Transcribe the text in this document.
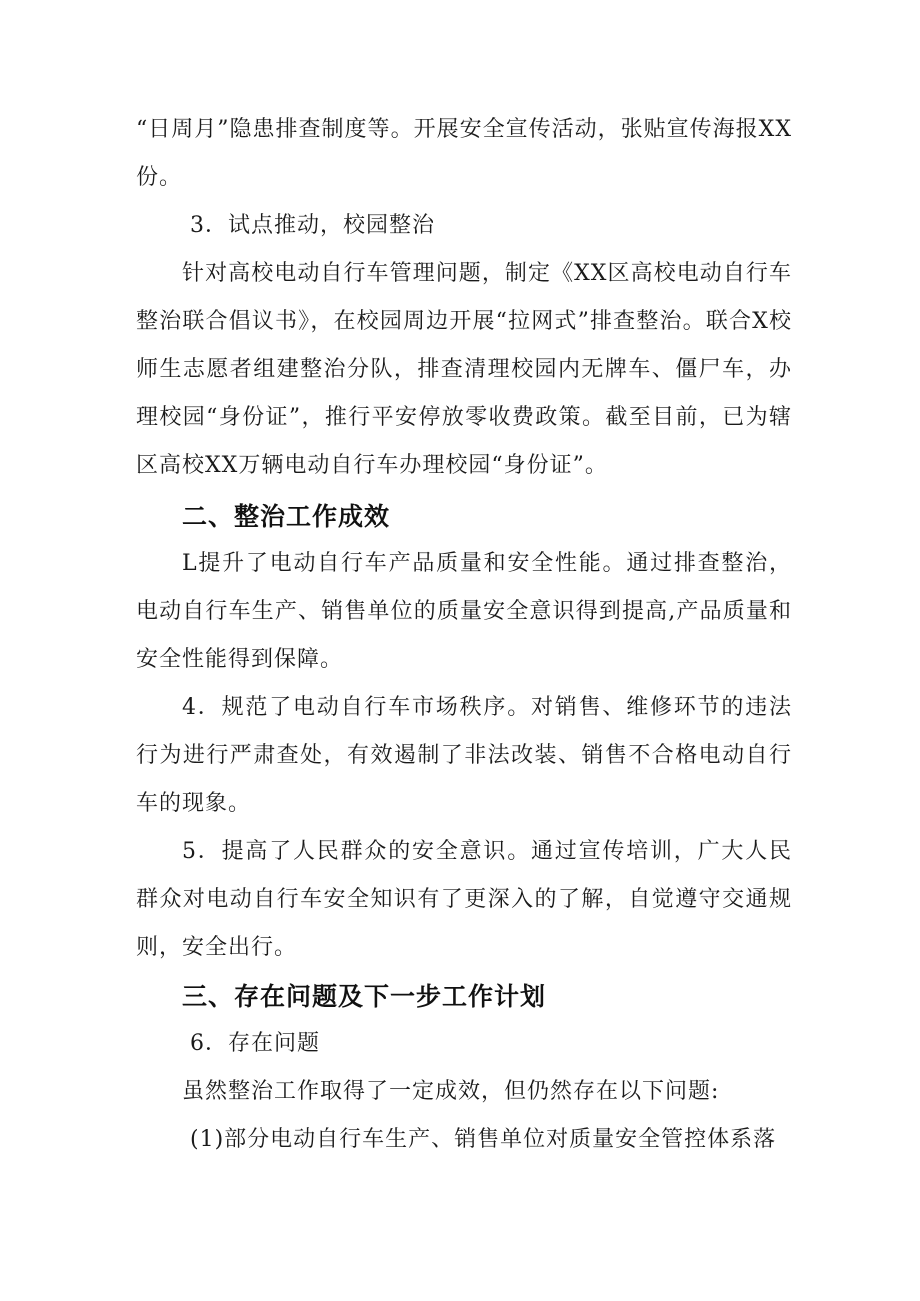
“日周月”隐患排查制度等。开展安全宣传活动，张贴宣传海报XX份。
3．试点推动，校园整治
针对高校电动自行车管理问题，制定《XX区高校电动自行车整治联合倡议书》，在校园周边开展“拉网式”排查整治。联合X校师生志愿者组建整治分队，排查清理校园内无牌车、僵尸车，办理校园“身份证”，推行平安停放零收费政策。截至目前，已为辖区高校XX万辆电动自行车办理校园“身份证”。
二、整治工作成效
L提升了电动自行车产品质量和安全性能。通过排查整治，电动自行车生产、销售单位的质量安全意识得到提高,产品质量和安全性能得到保障。
4．规范了电动自行车市场秩序。对销售、维修环节的违法行为进行严肃查处，有效遏制了非法改装、销售不合格电动自行车的现象。
5．提高了人民群众的安全意识。通过宣传培训，广大人民群众对电动自行车安全知识有了更深入的了解，自觉遵守交通规则，安全出行。
三、存在问题及下一步工作计划
6．存在问题
虽然整治工作取得了一定成效，但仍然存在以下问题:
(1)部分电动自行车生产、销售单位对质量安全管控体系落
